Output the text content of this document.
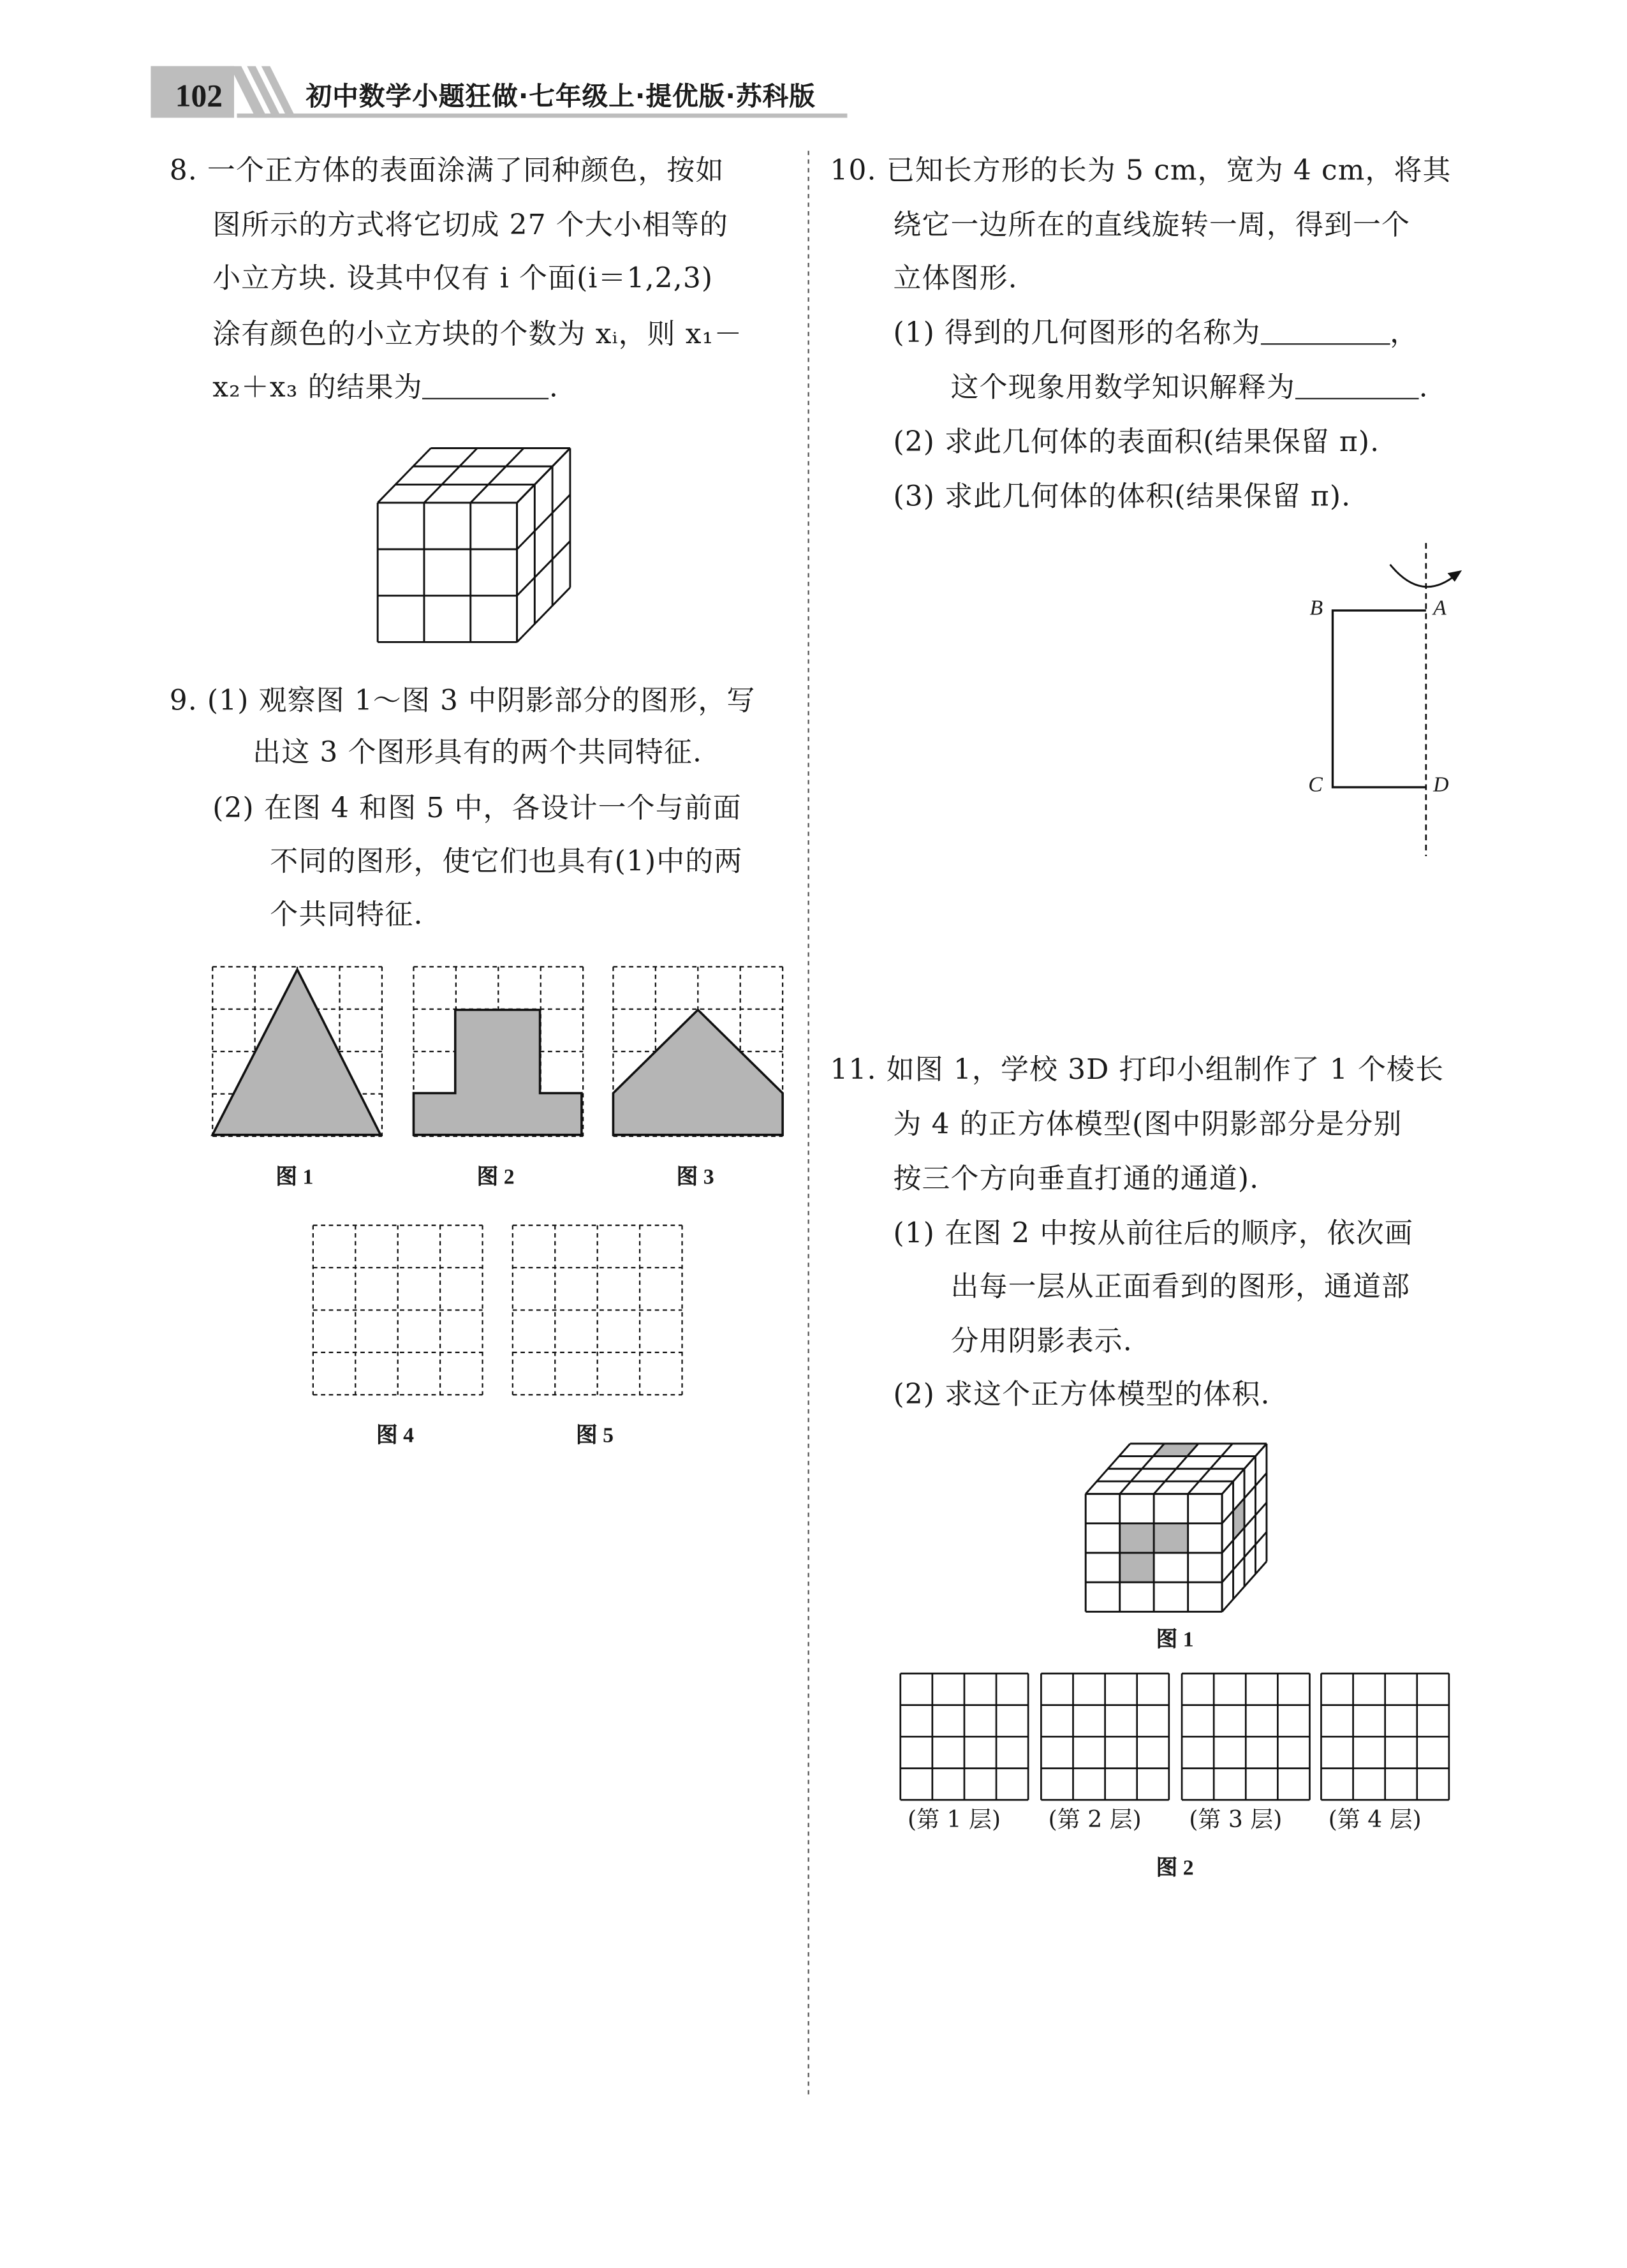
102	初中数学小题狂做·七年级上·提优版·苏科版
8. 一个正方体的表面涂满了同种颜色，按如
图所示的方式将它切成 27 个大小相等的
小立方块. 设其中仅有 i 个面(i＝1,2,3)
涂有颜色的小立方块的个数为 xᵢ，则 x₁－
x₂＋x₃ 的结果为	.
9. (1) 观察图 1～图 3 中阴影部分的图形，写
出这 3 个图形具有的两个共同特征.
(2) 在图 4 和图 5 中，各设计一个与前面
不同的图形，使它们也具有(1)中的两
个共同特征.
图 1	图 2	图 3
图 4	图 5
10. 已知长方形的长为 5 cm，宽为 4 cm，将其
绕它一边所在的直线旋转一周，得到一个
立体图形.
(1) 得到的几何图形的名称为	，
这个现象用数学知识解释为	.
(2) 求此几何体的表面积(结果保留 π).
(3) 求此几何体的体积(结果保留 π).
B	A
C	D
11. 如图 1，学校 3D 打印小组制作了 1 个棱长
为 4 的正方体模型(图中阴影部分是分别
按三个方向垂直打通的通道).
(1) 在图 2 中按从前往后的顺序，依次画
出每一层从正面看到的图形，通道部
分用阴影表示.
(2) 求这个正方体模型的体积.
图 1
(第 1 层)	(第 2 层)	(第 3 层)	(第 4 层)
图 2
